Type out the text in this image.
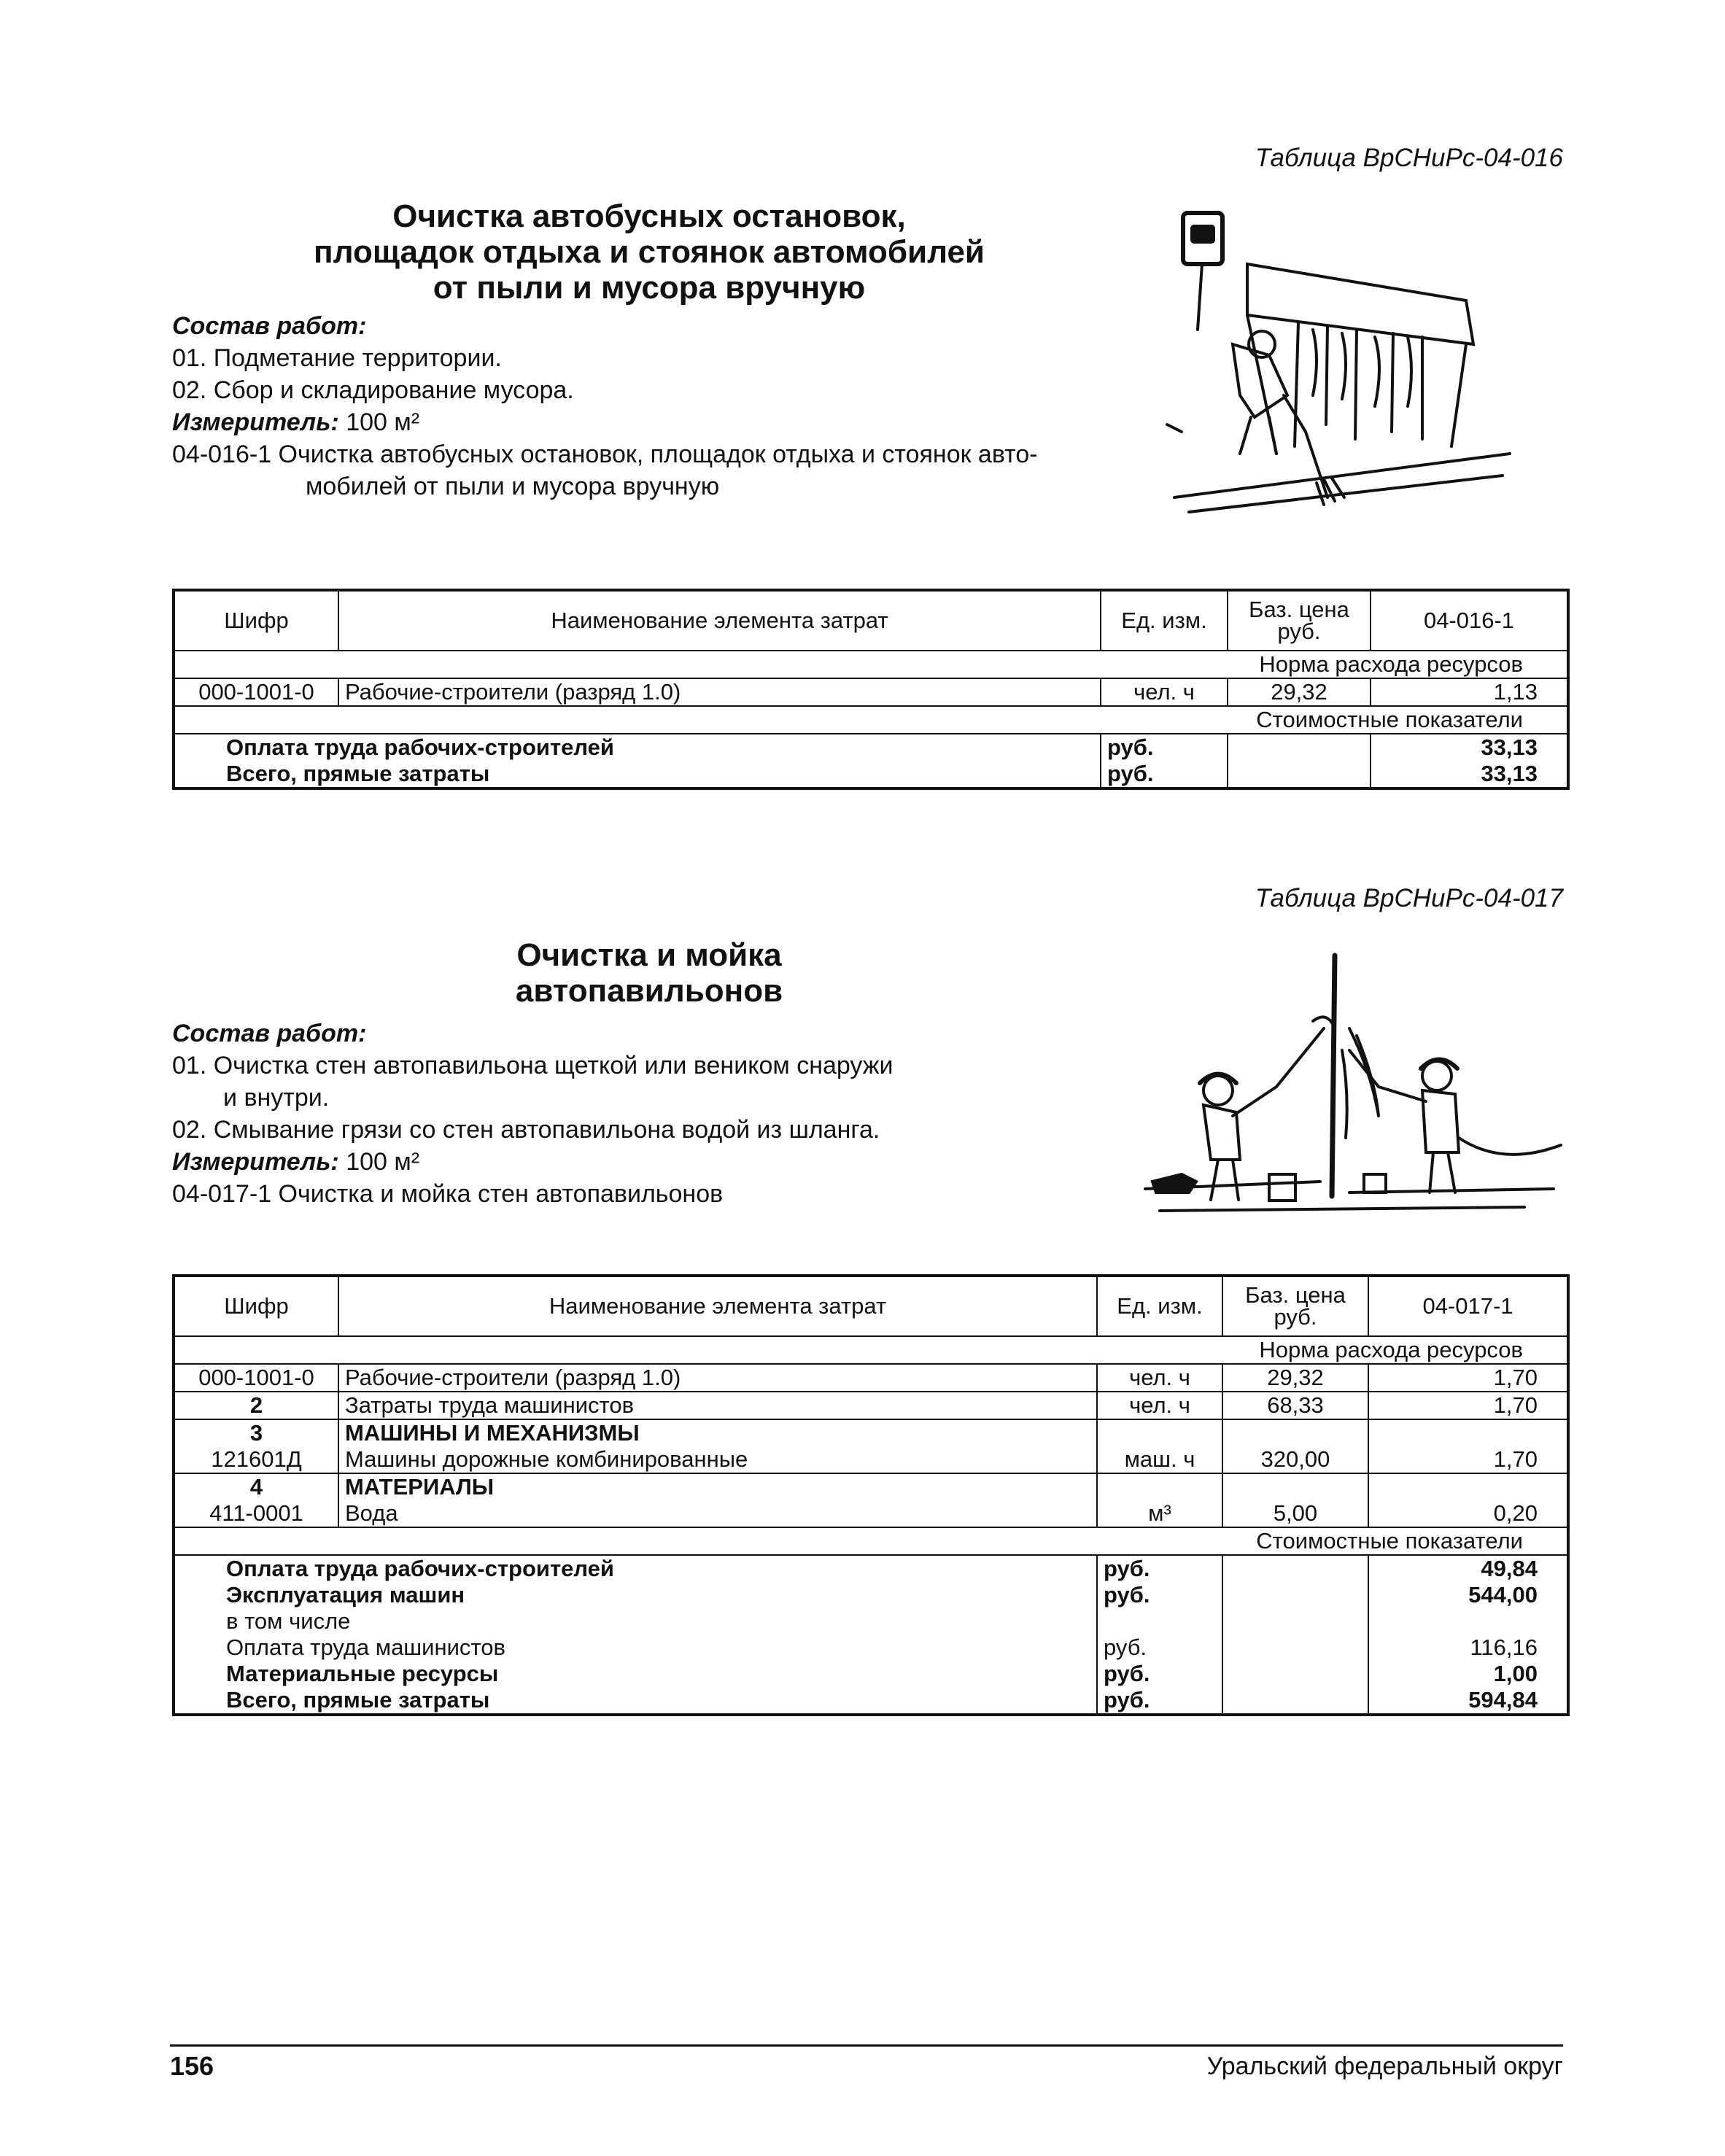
Таблица ВрСНиРс-04-016
Очистка автобусных остановок,
площадок отдыха и стоянок автомобилей
от пыли и мусора вручную
Состав работ:
01. Подметание территории.
02. Сбор и складирование мусора.
Измеритель: 100 м²
04-016-1 Очистка автобусных остановок, площадок отдыха и стоянок авто-
мобилей от пыли и мусора вручную
Шифр	Наименование элемента затрат	Ед. изм.	Баз. цена руб.	04-016-1
Норма расхода ресурсов				
000-1001-0	Рабочие-строители (разряд 1.0)	чел. ч	29,32	1,13
Стоимостные показатели				
Оплата труда рабочих-строителей		руб.		33,13
Всего, прямые затраты		руб.		33,13
Таблица ВрСНиРс-04-017
Очистка и мойка
автопавильонов
Состав работ:
01. Очистка стен автопавильона щеткой или веником снаружи
и внутри.
02. Смывание грязи со стен автопавильона водой из шланга.
Измеритель: 100 м²
04-017-1 Очистка и мойка стен автопавильонов
Шифр	Наименование элемента затрат	Ед. изм.	Баз. цена руб.	04-017-1
Норма расхода ресурсов				
000-1001-0	Рабочие-строители (разряд 1.0)	чел. ч	29,32	1,70
2	Затраты труда машинистов	чел. ч	68,33	1,70
3	МАШИНЫ И МЕХАНИЗМЫ			
121601Д	Машины дорожные комбинированные	маш. ч	320,00	1,70
4	МАТЕРИАЛЫ			
411-0001	Вода	м³	5,00	0,20
Стоимостные показатели				
Оплата труда рабочих-строителей		руб.		49,84
Эксплуатация машин		руб.		544,00
в том числе				
Оплата труда машинистов		руб.		116,16
Материальные ресурсы		руб.		1,00
Всего, прямые затраты		руб.		594,84
156	Уральский федеральный округ
